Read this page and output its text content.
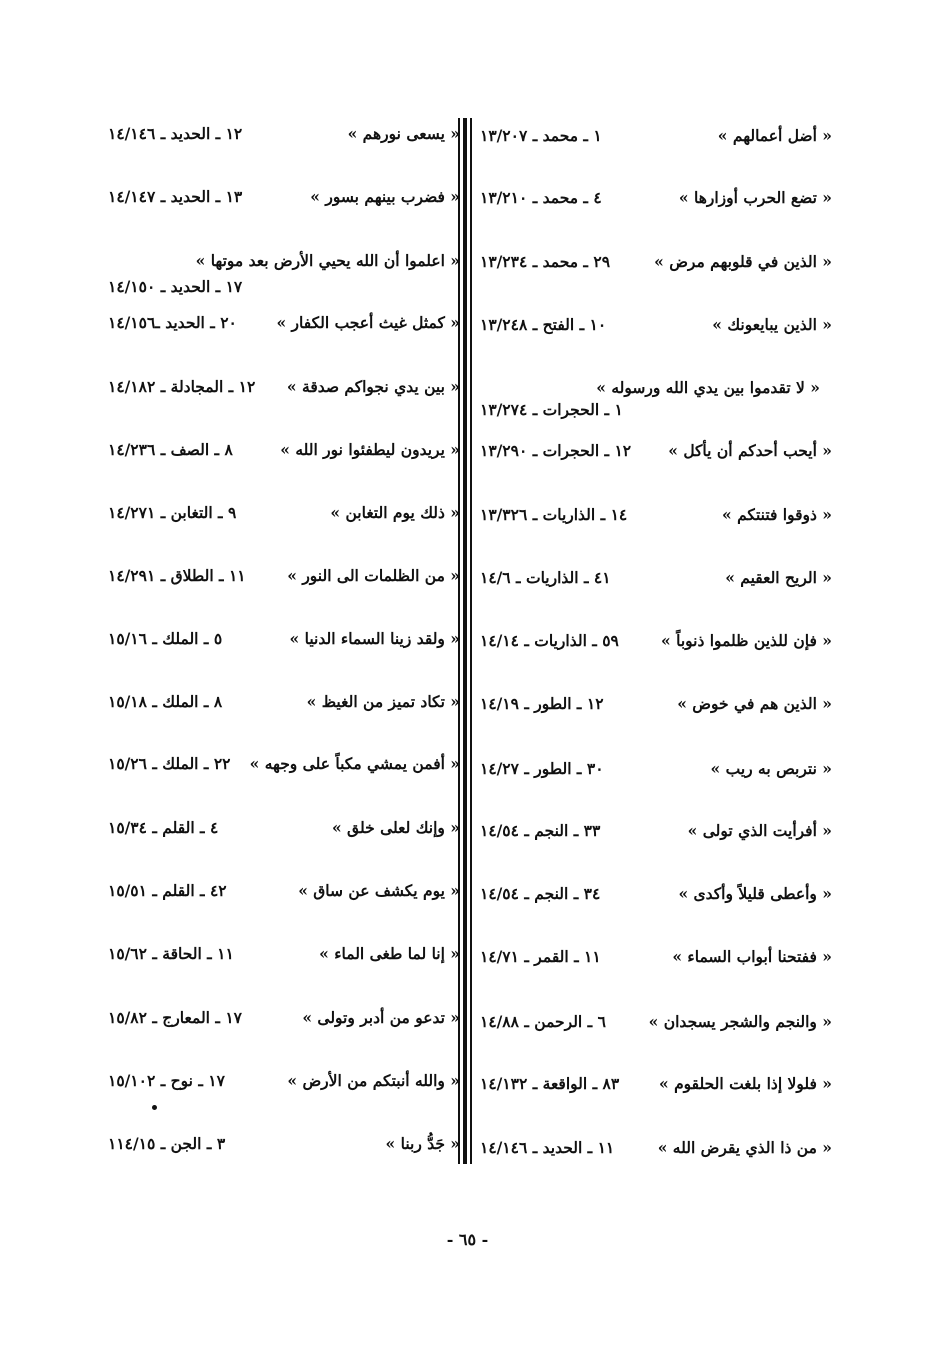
« أضل أعمالهم »
١ ـ محمد ـ ١٣/٢٠٧
« تضع الحرب أوزارها »
٤ ـ محمد ـ ١٣/٢١٠
« الذين في قلوبهم مرض »
٢٩ ـ محمد ـ ١٣/٢٣٤
« الذين يبايعونك »
١٠ ـ الفتح ـ ١٣/٢٤٨
« لا تقدموا بين يدي الله ورسوله »
١ ـ الحجرات ـ ١٣/٢٧٤
« أيحب أحدكم أن يأكل »
١٢ ـ الحجرات ـ ١٣/٢٩٠
« ذوقوا فتنتكم »
١٤ ـ الذاريات ـ ١٣/٣٢٦
« الريح العقيم »
٤١ ـ الذاريات ـ ١٤/٦
« فإن للذين ظلموا ذنوباً »
٥٩ ـ الذاريات ـ ١٤/١٤
« الذين هم في خوض »
١٢ ـ الطور ـ ١٤/١٩
« نتربص به ريب »
٣٠ ـ الطور ـ ١٤/٢٧
« أفرأيت الذي تولى »
٣٣ ـ النجم ـ ١٤/٥٤
« وأعطى قليلاً وأكدى »
٣٤ ـ النجم ـ ١٤/٥٤
« ففتحنا أبواب السماء »
١١ ـ القمر ـ ١٤/٧١
« والنجم والشجر يسجدان »
٦ ـ الرحمن ـ ١٤/٨٨
« فلولا إذا بلغت الحلقوم »
٨٣ ـ الواقعة ـ ١٤/١٣٢
« من ذا الذي يقرض الله »
١١ ـ الحديد ـ ١٤/١٤٦
« يسعى نورهم »
١٢ ـ الحديد ـ ١٤/١٤٦
« فضرب بينهم بسور »
١٣ ـ الحديد ـ ١٤/١٤٧
« اعلموا أن الله يحيي الأرض بعد موتها »
١٧ ـ الحديد ـ ١٤/١٥٠
« كمثل غيث أعجب الكفار »
٢٠ ـ الحديد ـ١٤/١٥٦
« بين يدي نجواكم صدقة »
١٢ ـ المجادلة ـ ١٤/١٨٢
« يريدون ليطفئوا نور الله »
٨ ـ الصف ـ ١٤/٢٣٦
« ذلك يوم التغابن »
٩ ـ التغابن ـ ١٤/٢٧١
« من الظلمات الى النور »
١١ ـ الطلاق ـ ١٤/٢٩١
« ولقد زينا السماء الدنيا »
٥ ـ الملك ـ ١٥/١٦
« تكاد تميز من الغيظ »
٨ ـ الملك ـ ١٥/١٨
« أفمن يمشي مكباً على وجهه »
٢٢ ـ الملك ـ ١٥/٢٦
« وإنك لعلى خلق »
٤ ـ القلم ـ ١٥/٣٤
« يوم يكشف عن ساق »
٤٢ ـ القلم ـ ١٥/٥١
« إنا لما طغى الماء »
١١ ـ الحاقة ـ ١٥/٦٢
« تدعو من أدبر وتولى »
١٧ ـ المعارج ـ ١٥/٨٢
« والله أنبتكم من الأرض »
١٧ ـ نوح ـ ١٥/١٠٢
« جَدُّ ربنا »
٣ ـ الجن ـ ١١٤/١٥
- ٦٥ -
